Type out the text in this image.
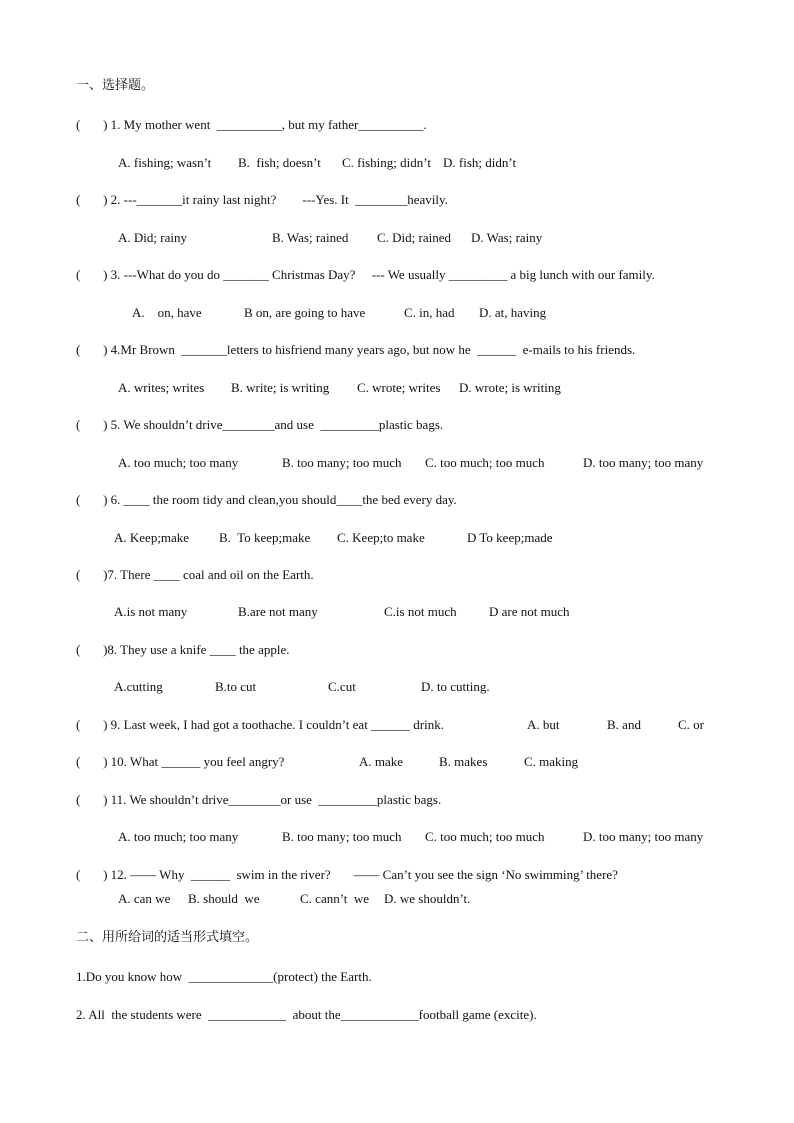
一、选择题。
(       ) 1. My mother went  __________, but my father__________.
A. fishing; wasn’t B.  fish; doesn’t C. fishing; didn’t D. fish; didn’t
(       ) 2. ---_______it rainy last night?        ---Yes. It  ________heavily.
A. Did; rainy	B. Was; rained C. Did; rained D. Was; rainy
(       ) 3. ---What do you do _______ Christmas Day?     --- We usually _________ a big lunch with our family.
A.    on, have	B on, are going to have	C. in, had D. at, having
(       ) 4.Mr Brown  _______letters to hisfriend many years ago, but now he  ______  e-mails to his friends.
A. writes; writes B. write; is writing C. wrote; writes D. wrote; is writing
(       ) 5. We shouldn’t drive________and use  _________plastic bags.
A. too much; too many	B. too many; too much C. too much; too much	D. too many; too many
(       ) 6. ____ the room tidy and clean,you should____the bed every day.
A. Keep;make B.  To keep;make C. Keep;to make	D To keep;made
(       )7. There ____ coal and oil on the Earth.
A.is not many	B.are not many	C.is not much D are not much
(       )8. They use a knife ____ the apple.
A.cutting	B.to cut	C.cut	D. to cutting.
(       ) 9. Last week, I had got a toothache. I couldn’t eat ______ drink.	A. but	B. and	C. or
(       ) 10. What ______ you feel angry?	A. make	B. makes	C. making
(       ) 11. We shouldn’t drive________or use  _________plastic bags.
A. too much; too many	B. too many; too much C. too much; too much	D. too many; too many
(       ) 12. —— Why  ______  swim in the river?       —— Can’t you see the sign ‘No swimming’ there?
A. can we B. should  we	C. cann’t  we D. we shouldn’t.
二、用所给词的适当形式填空。
1.Do you know how  _____________(protect) the Earth.
2. All  the students were  ____________  about the____________football game (excite).
